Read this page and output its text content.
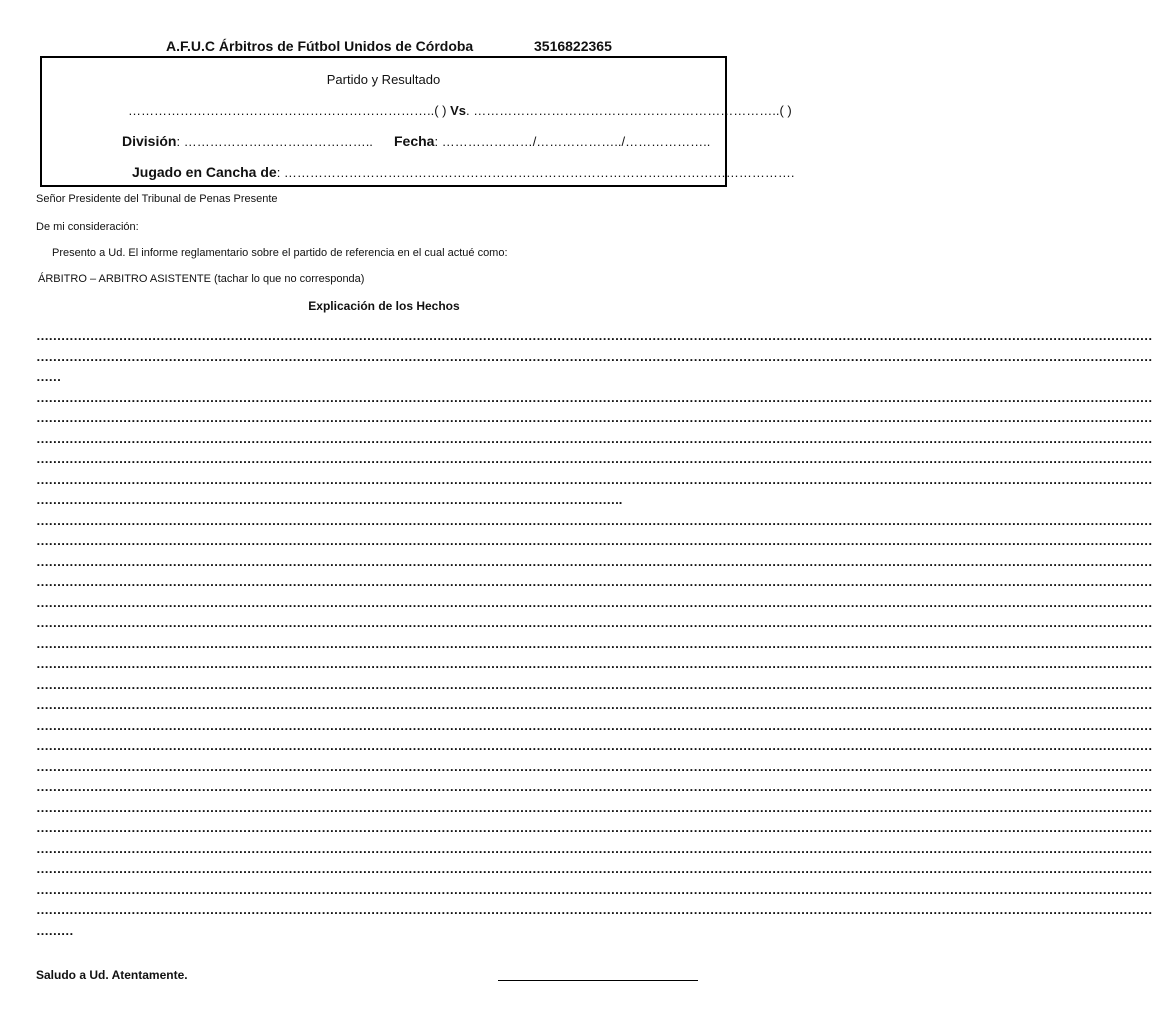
A.F.U.C Árbitros de Fútbol Unidos de Córdoba	3516822365
Partido y Resultado
……………………………………………………………..( ) Vs. ……………………………………………………………..( )
División: …………………………………….. Fecha: …………………/………………../………………..
Jugado en Cancha de: ……………………………………………………………………………………………………….
Señor Presidente del Tribunal de Penas Presente
De mi consideración:
Presento a Ud. El informe reglamentario sobre el partido de referencia en el cual actué como:
ÁRBITRO – ARBITRO ASISTENTE (tachar lo que no corresponda)
Explicación de los Hechos
………………………………………………………………………………………………………………………………………………………………………………………………………………………………………………
………………………………………………………………………………………………………………………………………………………………………………………………………………………………………………
……
………………………………………………………………………………………………………………………………………………………………………………………………………………………………………………
………………………………………………………………………………………………………………………………………………………………………………………………………………………………………………
………………………………………………………………………………………………………………………………………………………………………………………………………………………………………………
………………………………………………………………………………………………………………………………………………………………………………………………………………………………………………
………………………………………………………………………………………………………………………………………………………………………………………………………………………………………………
…………………………………………………………………………………………………………………………….
………………………………………………………………………………………………………………………………………………………………………………………………………………………………………………
………………………………………………………………………………………………………………………………………………………………………………………………………………………………………………
………………………………………………………………………………………………………………………………………………………………………………………………………………………………………………
………………………………………………………………………………………………………………………………………………………………………………………………………………………………………………
………………………………………………………………………………………………………………………………………………………………………………………………………………………………………………
………………………………………………………………………………………………………………………………………………………………………………………………………………………………………………
………………………………………………………………………………………………………………………………………………………………………………………………………………………………………………
………………………………………………………………………………………………………………………………………………………………………………………………………………………………………………
………………………………………………………………………………………………………………………………………………………………………………………………………………………………………………
………………………………………………………………………………………………………………………………………………………………………………………………………………………………………………
………………………………………………………………………………………………………………………………………………………………………………………………………………………………………………
………………………………………………………………………………………………………………………………………………………………………………………………………………………………………………
………………………………………………………………………………………………………………………………………………………………………………………………………………………………………………
………………………………………………………………………………………………………………………………………………………………………………………………………………………………………………
………………………………………………………………………………………………………………………………………………………………………………………………………………………………………………
………………………………………………………………………………………………………………………………………………………………………………………………………………………………………………
………………………………………………………………………………………………………………………………………………………………………………………………………………………………………………
………………………………………………………………………………………………………………………………………………………………………………………………………………………………………………
………………………………………………………………………………………………………………………………………………………………………………………………………………………………………………
………………………………………………………………………………………………………………………………………………………………………………………………………………………………………………
………
Saludo a Ud. Atentamente.
